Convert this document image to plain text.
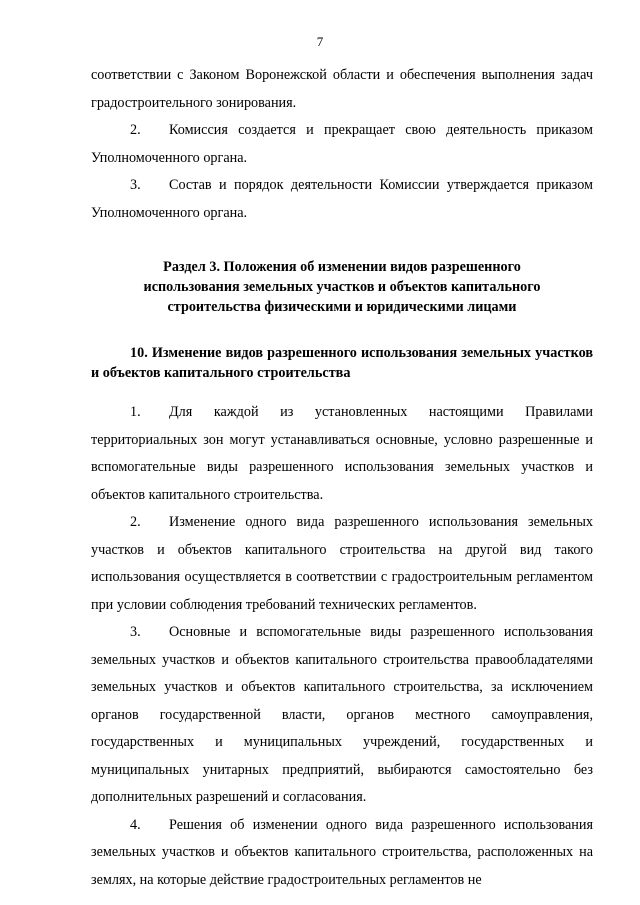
7

соответствии с Законом Воронежской области и обеспечения выполнения задач градостроительного зонирования.

2. Комиссия создается и прекращает свою деятельность приказом Уполномоченного органа.

3. Состав и порядок деятельности Комиссии утверждается приказом Уполномоченного органа.

Раздел 3. Положения об изменении видов разрешенного использования земельных участков и объектов капитального строительства физическими и юридическими лицами

10. Изменение видов разрешенного использования земельных участков и объектов капитального строительства

1. Для каждой из установленных настоящими Правилами территориальных зон могут устанавливаться основные, условно разрешенные и вспомогательные виды разрешенного использования земельных участков и объектов капитального строительства.

2. Изменение одного вида разрешенного использования земельных участков и объектов капитального строительства на другой вид такого использования осуществляется в соответствии с градостроительным регламентом при условии соблюдения требований технических регламентов.

3. Основные и вспомогательные виды разрешенного использования земельных участков и объектов капитального строительства правообладателями земельных участков и объектов капитального строительства, за исключением органов государственной власти, органов местного самоуправления, государственных и муниципальных учреждений, государственных и муниципальных унитарных предприятий, выбираются самостоятельно без дополнительных разрешений и согласования.

4. Решения об изменении одного вида разрешенного использования земельных участков и объектов капитального строительства, расположенных на землях, на которые действие градостроительных регламентов не
